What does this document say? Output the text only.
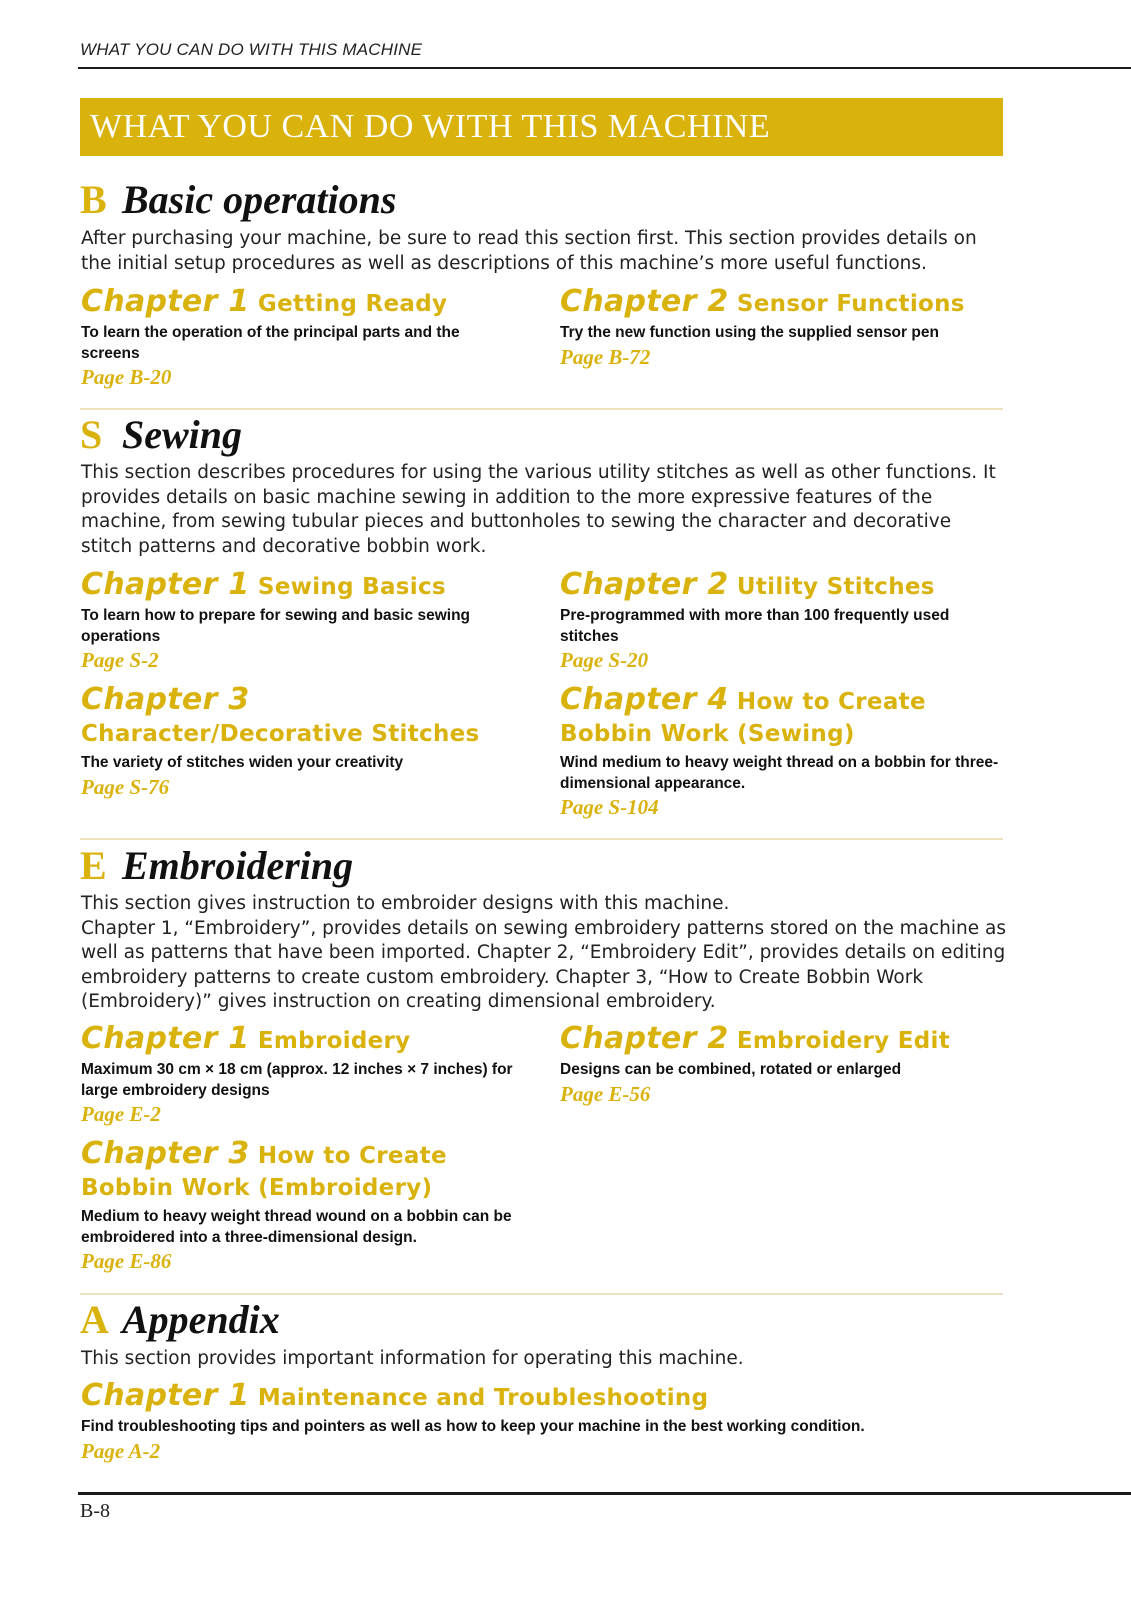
WHAT YOU CAN DO WITH THIS MACHINE
WHAT YOU CAN DO WITH THIS MACHINE
B Basic operations

After purchasing your machine, be sure to read this section first. This section provides details on the initial setup procedures as well as descriptions of this machine’s more useful functions.

Chapter 1 Getting Ready
To learn the operation of the principal parts and the screens
Page B-20
Chapter 2 Sensor Functions
Try the new function using the supplied sensor pen
Page B-72
S Sewing

This section describes procedures for using the various utility stitches as well as other functions. It provides details on basic machine sewing in addition to the more expressive features of the machine, from sewing tubular pieces and buttonholes to sewing the character and decorative stitch patterns and decorative bobbin work.

Chapter 1 Sewing Basics
To learn how to prepare for sewing and basic sewing operations
Page S-2
Chapter 2 Utility Stitches
Pre-programmed with more than 100 frequently used stitches
Page S-20
Chapter 3 Character/Decorative Stitches
The variety of stitches widen your creativity
Page S-76
Chapter 4 How to Create Bobbin Work (Sewing)
Wind medium to heavy weight thread on a bobbin for three-dimensional appearance.
Page S-104
E Embroidering

This section gives instruction to embroider designs with this machine.

Chapter 1, “Embroidery”, provides details on sewing embroidery patterns stored on the machine as well as patterns that have been imported. Chapter 2, “Embroidery Edit”, provides details on editing embroidery patterns to create custom embroidery. Chapter 3, “How to Create Bobbin Work (Embroidery)” gives instruction on creating dimensional embroidery.

Chapter 1 Embroidery
Maximum 30 cm × 18 cm (approx. 12 inches × 7 inches) for large embroidery designs
Page E-2
Chapter 2 Embroidery Edit
Designs can be combined, rotated or enlarged
Page E-56
Chapter 3 How to Create Bobbin Work (Embroidery)
Medium to heavy weight thread wound on a bobbin can be embroidered into a three-dimensional design.
Page E-86
A Appendix

This section provides important information for operating this machine.

Chapter 1 Maintenance and Troubleshooting
Find troubleshooting tips and pointers as well as how to keep your machine in the best working condition.
Page A-2
B-8
